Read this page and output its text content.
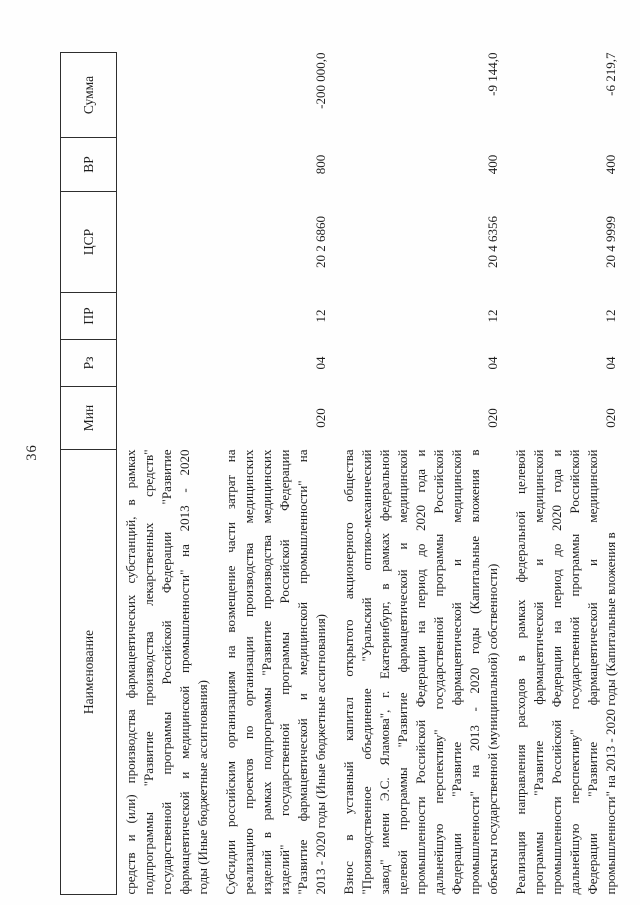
36
Наименование	Мин	Рз	ПР	ЦСР	ВР	Сумма

средств и (или) производства фармацевтических субстанций, в рамках подпрограммы "Развитие производства лекарственных средств" государственной программы Российской Федерации "Развитие фармацевтической и медицинской промышленности" на 2013 - 2020 годы (Иные бюджетные ассигнования)						

Субсидии российским организациям на возмещение части затрат на реализацию проектов по организации производства медицинских изделий в рамках подпрограммы "Развитие производства медицинских изделий" государственной программы Российской Федерации "Развитие фармацевтической и медицинской промышленности" на 2013 - 2020 годы (Иные бюджетные ассигнования)
	020	04	12	20 2 6860	800	-200 000,0

Взнос в уставный капитал открытого акционерного общества "Производственное объединение "Уральский оптико-механический завод" имени Э.С. Яламова", г. Екатеринбург, в рамках федеральной целевой программы "Развитие фармацевтической и медицинской промышленности Российской Федерации на период до 2020 года и дальнейшую перспективу" государственной программы Российской Федерации "Развитие фармацевтической и медицинской промышленности" на 2013 - 2020 годы (Капитальные вложения в объекты государственной (муниципальной) собственности)
	020	04	12	20 4 6356	400	-9 144,0

Реализация направления расходов в рамках федеральной целевой программы "Развитие фармацевтической и медицинской промышленности Российской Федерации на период до 2020 года и дальнейшую перспективу" государственной программы Российской Федерации "Развитие фармацевтической и медицинской промышленности" на 2013 - 2020 годы (Капитальные вложения в
	020	04	12	20 4 9999	400	-6 219,7
